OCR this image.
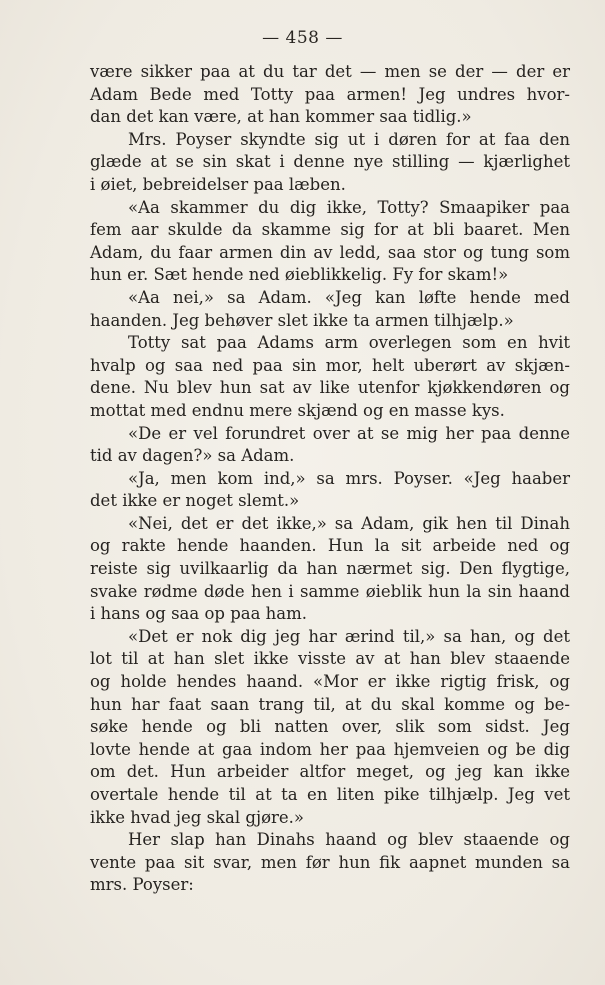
— 458 —
være sikker paa at du tar det — men se der — der er
Adam Bede med Totty paa armen! Jeg undres hvor-
dan det kan være, at han kommer saa tidlig.»
Mrs. Poyser skyndte sig ut i døren for at faa den
glæde at se sin skat i denne nye stilling — kjærlighet
i øiet, bebreidelser paa læben.
«Aa skammer du dig ikke, Totty? Smaapiker paa
fem aar skulde da skamme sig for at bli baaret. Men
Adam, du faar armen din av ledd, saa stor og tung som
hun er. Sæt hende ned øieblikkelig. Fy for skam!»
«Aa nei,» sa Adam. «Jeg kan løfte hende med
haanden. Jeg behøver slet ikke ta armen tilhjælp.»
Totty sat paa Adams arm overlegen som en hvit
hvalp og saa ned paa sin mor, helt uberørt av skjæn-
dene. Nu blev hun sat av like utenfor kjøkkendøren og
mottat med endnu mere skjænd og en masse kys.
«De er vel forundret over at se mig her paa denne
tid av dagen?» sa Adam.
«Ja, men kom ind,» sa mrs. Poyser. «Jeg haaber
det ikke er noget slemt.»
«Nei, det er det ikke,» sa Adam, gik hen til Dinah
og rakte hende haanden. Hun la sit arbeide ned og
reiste sig uvilkaarlig da han nærmet sig. Den flygtige,
svake rødme døde hen i samme øieblik hun la sin haand
i hans og saa op paa ham.
«Det er nok dig jeg har ærind til,» sa han, og det
lot til at han slet ikke visste av at han blev staaende
og holde hendes haand. «Mor er ikke rigtig frisk, og
hun har faat saan trang til, at du skal komme og be-
søke hende og bli natten over, slik som sidst. Jeg
lovte hende at gaa indom her paa hjemveien og be dig
om det. Hun arbeider altfor meget, og jeg kan ikke
overtale hende til at ta en liten pike tilhjælp. Jeg vet
ikke hvad jeg skal gjøre.»
Her slap han Dinahs haand og blev staaende og
vente paa sit svar, men før hun fik aapnet munden sa
mrs. Poyser:
